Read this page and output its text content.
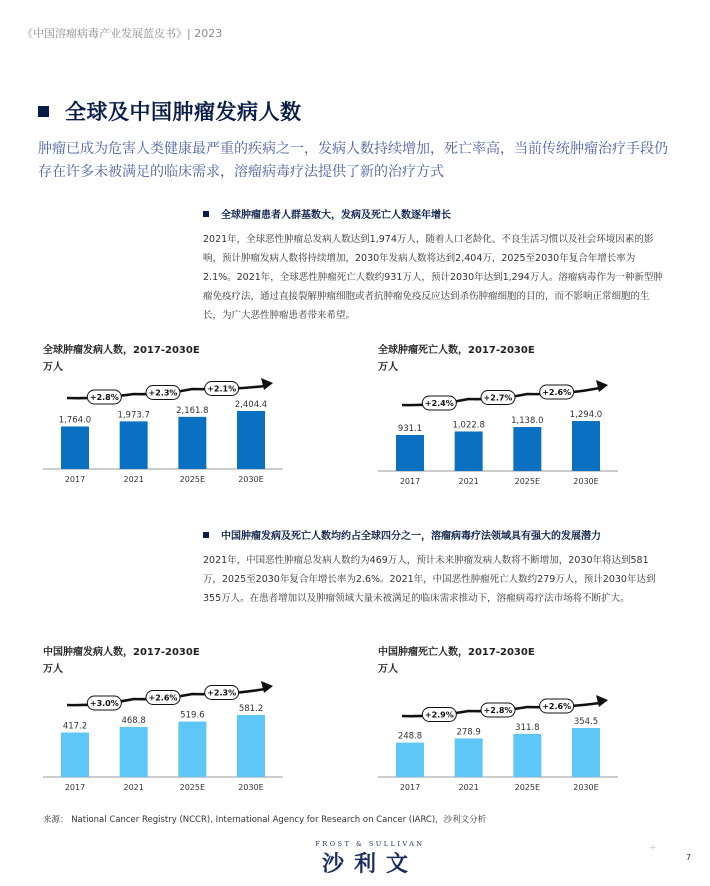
《中国溶瘤病毒产业发展蓝皮书》| 2023
全球及中国肿瘤发病人数
肿瘤已成为危害人类健康最严重的疾病之一，发病人数持续增加，死亡率高，当前传统肿瘤治疗手段仍存在许多未被满足的临床需求，溶瘤病毒疗法提供了新的治疗方式
全球肿瘤患者人群基数大，发病及死亡人数逐年增长
2021年，全球恶性肿瘤总发病人数达到1,974万人，随着人口老龄化、不良生活习惯以及社会环境因素的影响，预计肿瘤发病人数将持续增加，2030年发病人数将达到2,404万，2025至2030年复合年增长率为2.1%。2021年，全球恶性肿瘤死亡人数约931万人，预计2030年达到1,294万人。溶瘤病毒作为一种新型肿瘤免疫疗法，通过直接裂解肿瘤细胞或者抗肿瘤免疫反应达到杀伤肿瘤细胞的目的，而不影响正常细胞的生长，为广大恶性肿瘤患者带来希望。
全球肿瘤发病人数，2017-2030E
万人
1,764.0
2017
1,973.7
2021
2,161.8
2025E
2,404.4
2030E
+2.8%	+2.3%	+2.1%
全球肿瘤死亡人数，2017-2030E
万人
931.1
2017
1,022.8
2021
1,138.0
2025E
1,294.0
2030E
+2.4%
+2.7%
+2.6%
中国肿瘤发病及死亡人数均约占全球四分之一，溶瘤病毒疗法领域具有强大的发展潜力
2021年，中国恶性肿瘤总发病人数约为469万人，预计未来肿瘤发病人数将不断增加，2030年将达到581万，2025至2030年复合年增长率为2.6%。2021年，中国恶性肿瘤死亡人数约279万人，预计2030年达到355万人。在患者增加以及肿瘤领域大量未被满足的临床需求推动下，溶瘤病毒疗法市场将不断扩大。
中国肿瘤发病人数，2017-2030E
万人
417.2
2017
468.8
2021
519.6
2025E
581.2
2030E
+3.0%
+2.6%
+2.3%
中国肿瘤死亡人数，2017-2030E
万人
248.8
2017
278.9
2021
311.8
2025E
354.5
2030E
+2.9%	+2.8%	+2.6%
来源： National Cancer Registry (NCCR), International Agency for Research on Cancer (IARC)，沙利文分析
FROST & SULLIVAN
沙利文
+
7
